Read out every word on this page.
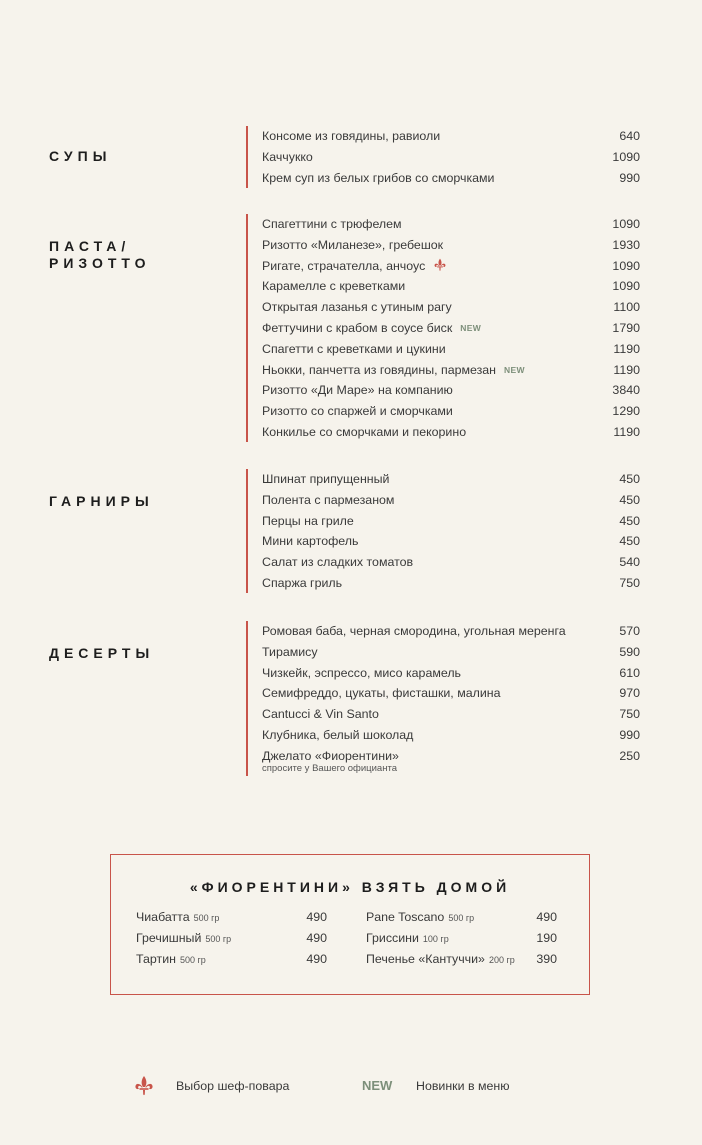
СУПЫ
Консоме из говядины, равиоли	640
Каччукко	1090
Крем суп из белых грибов со сморчками	990
ПАСТА/
РИЗОТТО
Спагеттини с трюфелем	1090
Ризотто «Миланезе», гребешок	1930
Ригате, страчателла, анчоус	1090
Карамелле с креветками	1090
Открытая лазанья с утиным рагу	1100
Феттучини с крабом в соусе биск NEW	1790
Спагетти с креветками и цукини	1190
Ньокки, панчетта из говядины, пармезан NEW	1190
Ризотто «Ди Маре» на компанию	3840
Ризотто со спаржей и сморчками	1290
Конкилье со сморчками и пекорино	1190
ГАРНИРЫ
Шпинат припущенный	450
Полента с пармезаном	450
Перцы на гриле	450
Мини картофель	450
Салат из сладких томатов	540
Спаржа гриль	750
ДЕСЕРТЫ
Ромовая баба, черная смородина, угольная меренга	570
Тирамису	590
Чизкейк, эспрессо, мисо карамель	610
Семифреддо, цукаты, фисташки, малина	970
Cantucci & Vin Santo	750
Клубника, белый шоколад	990
Джелато «Фиорентини»	250
спросите у Вашего официанта
«ФИОРЕНТИНИ» ВЗЯТЬ ДОМОЙ
Чиабатта 500 гр	490
Гречишный 500 гр	490
Тартин 500 гр	490
Pane Toscano 500 гр	490
Гриссини 100 гр	190
Печенье «Кантуччи» 200 гр 390
Выбор шеф-повара	NEW Новинки в меню
